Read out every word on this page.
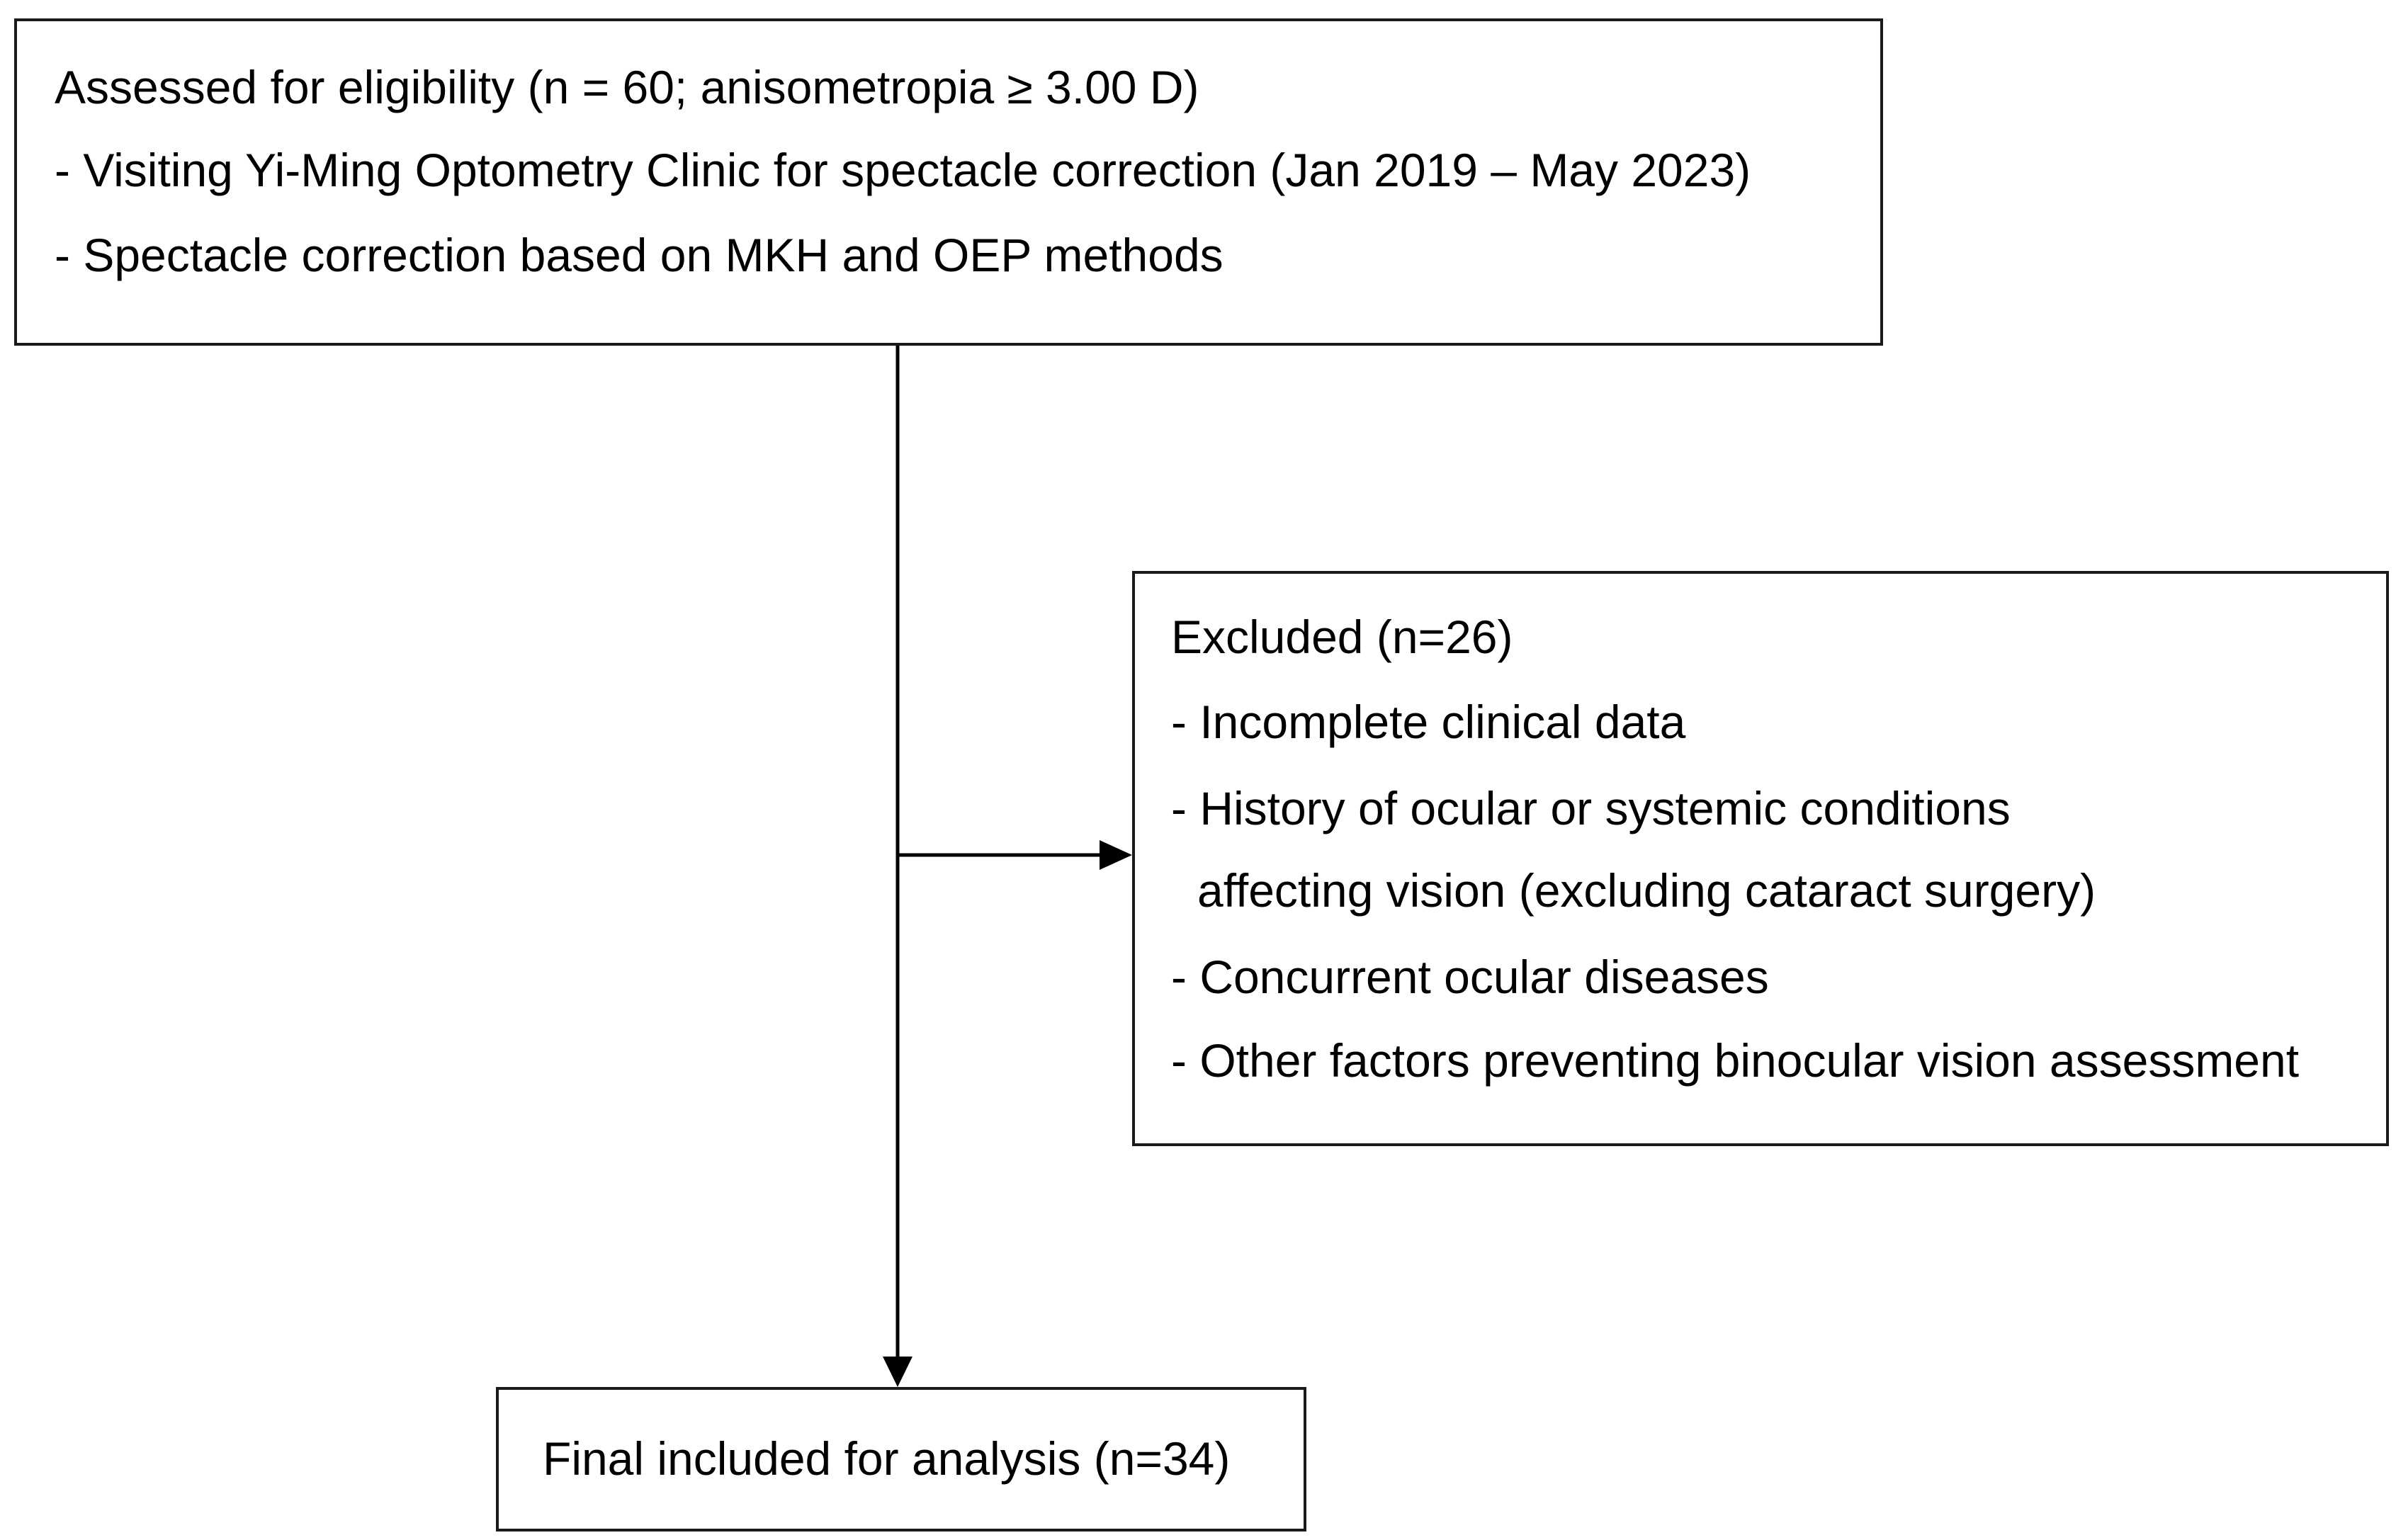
Assessed for eligibility (n = 60; anisometropia ≥ 3.00 D)
- Visiting Yi-Ming Optometry Clinic for spectacle correction (Jan 2019 – May 2023)
- Spectacle correction based on MKH and OEP methods
Excluded (n=26)
- Incomplete clinical data
- History of ocular or systemic conditions
affecting vision (excluding cataract surgery)
- Concurrent ocular diseases
- Other factors preventing binocular vision assessment
Final included for analysis (n=34)
